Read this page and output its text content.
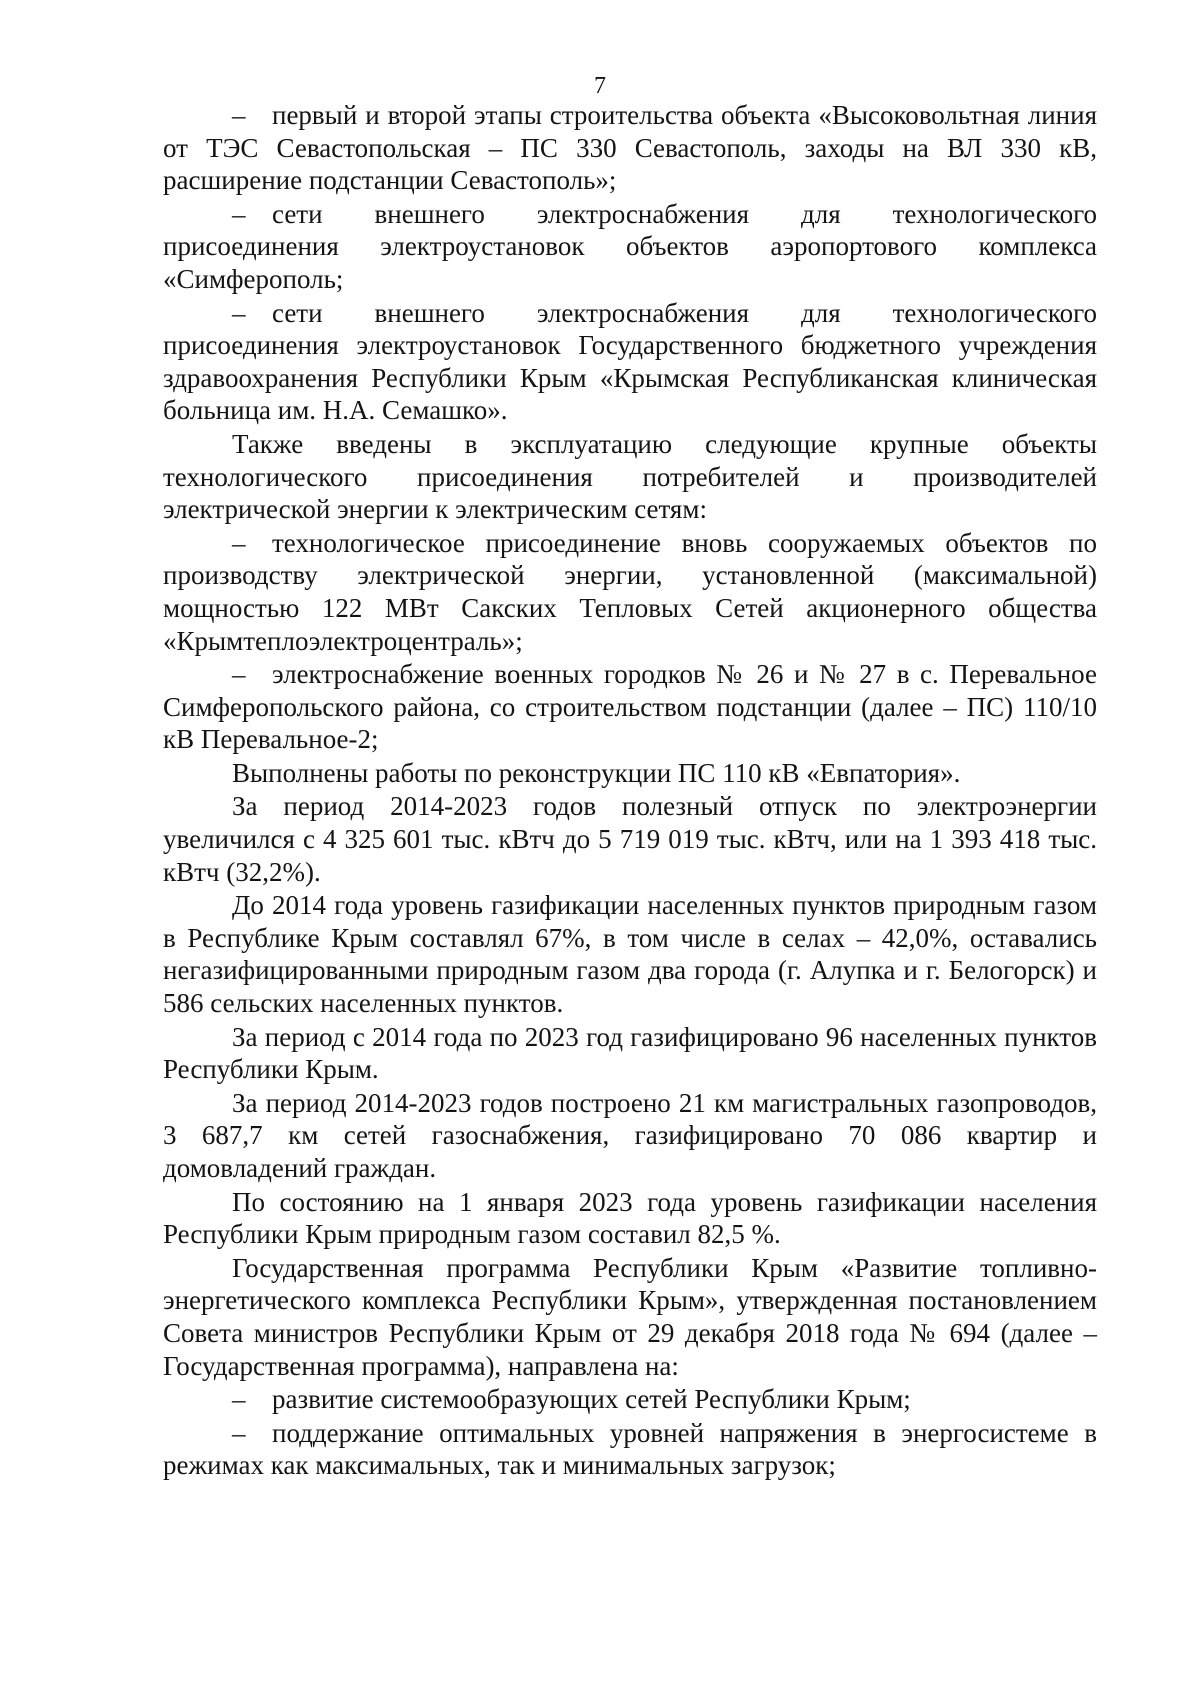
7

– первый и второй этапы строительства объекта «Высоковольтная линия от ТЭС Севастопольская – ПС 330 Севастополь, заходы на ВЛ 330 кВ, расширение подстанции Севастополь»;

– сети внешнего электроснабжения для технологического присоединения электроустановок объектов аэропортового комплекса «Симферополь;

– сети внешнего электроснабжения для технологического присоединения электроустановок Государственного бюджетного учреждения здравоохранения Республики Крым «Крымская Республиканская клиническая больница им. Н.А. Семашко».

Также введены в эксплуатацию следующие крупные объекты технологического присоединения потребителей и производителей электрической энергии к электрическим сетям:

– технологическое присоединение вновь сооружаемых объектов по производству электрической энергии, установленной (максимальной) мощностью 122 МВт Сакских Тепловых Сетей акционерного общества «Крымтеплоэлектроцентраль»;

– электроснабжение военных городков № 26 и № 27 в с. Перевальное Симферопольского района, со строительством подстанции (далее – ПС) 110/10 кВ Перевальное-2;

Выполнены работы по реконструкции ПС 110 кВ «Евпатория».

За период 2014-2023 годов полезный отпуск по электроэнергии увеличился с 4 325 601 тыс. кВтч до 5 719 019 тыс. кВтч, или на 1 393 418 тыс. кВтч (32,2%).

До 2014 года уровень газификации населенных пунктов природным газом в Республике Крым составлял 67%, в том числе в селах – 42,0%, оставались негазифицированными природным газом два города (г. Алупка и г. Белогорск) и 586 сельских населенных пунктов.

За период с 2014 года по 2023 год газифицировано 96 населенных пунктов Республики Крым.

За период 2014-2023 годов построено 21 км магистральных газопроводов, 3 687,7 км сетей газоснабжения, газифицировано 70 086 квартир и домовладений граждан.

По состоянию на 1 января 2023 года уровень газификации населения Республики Крым природным газом составил 82,5 %.

Государственная программа Республики Крым «Развитие топливно-энергетического комплекса Республики Крым», утвержденная постановлением Совета министров Республики Крым от 29 декабря 2018 года № 694 (далее – Государственная программа), направлена на:

– развитие системообразующих сетей Республики Крым;

– поддержание оптимальных уровней напряжения в энергосистеме в режимах как максимальных, так и минимальных загрузок;
